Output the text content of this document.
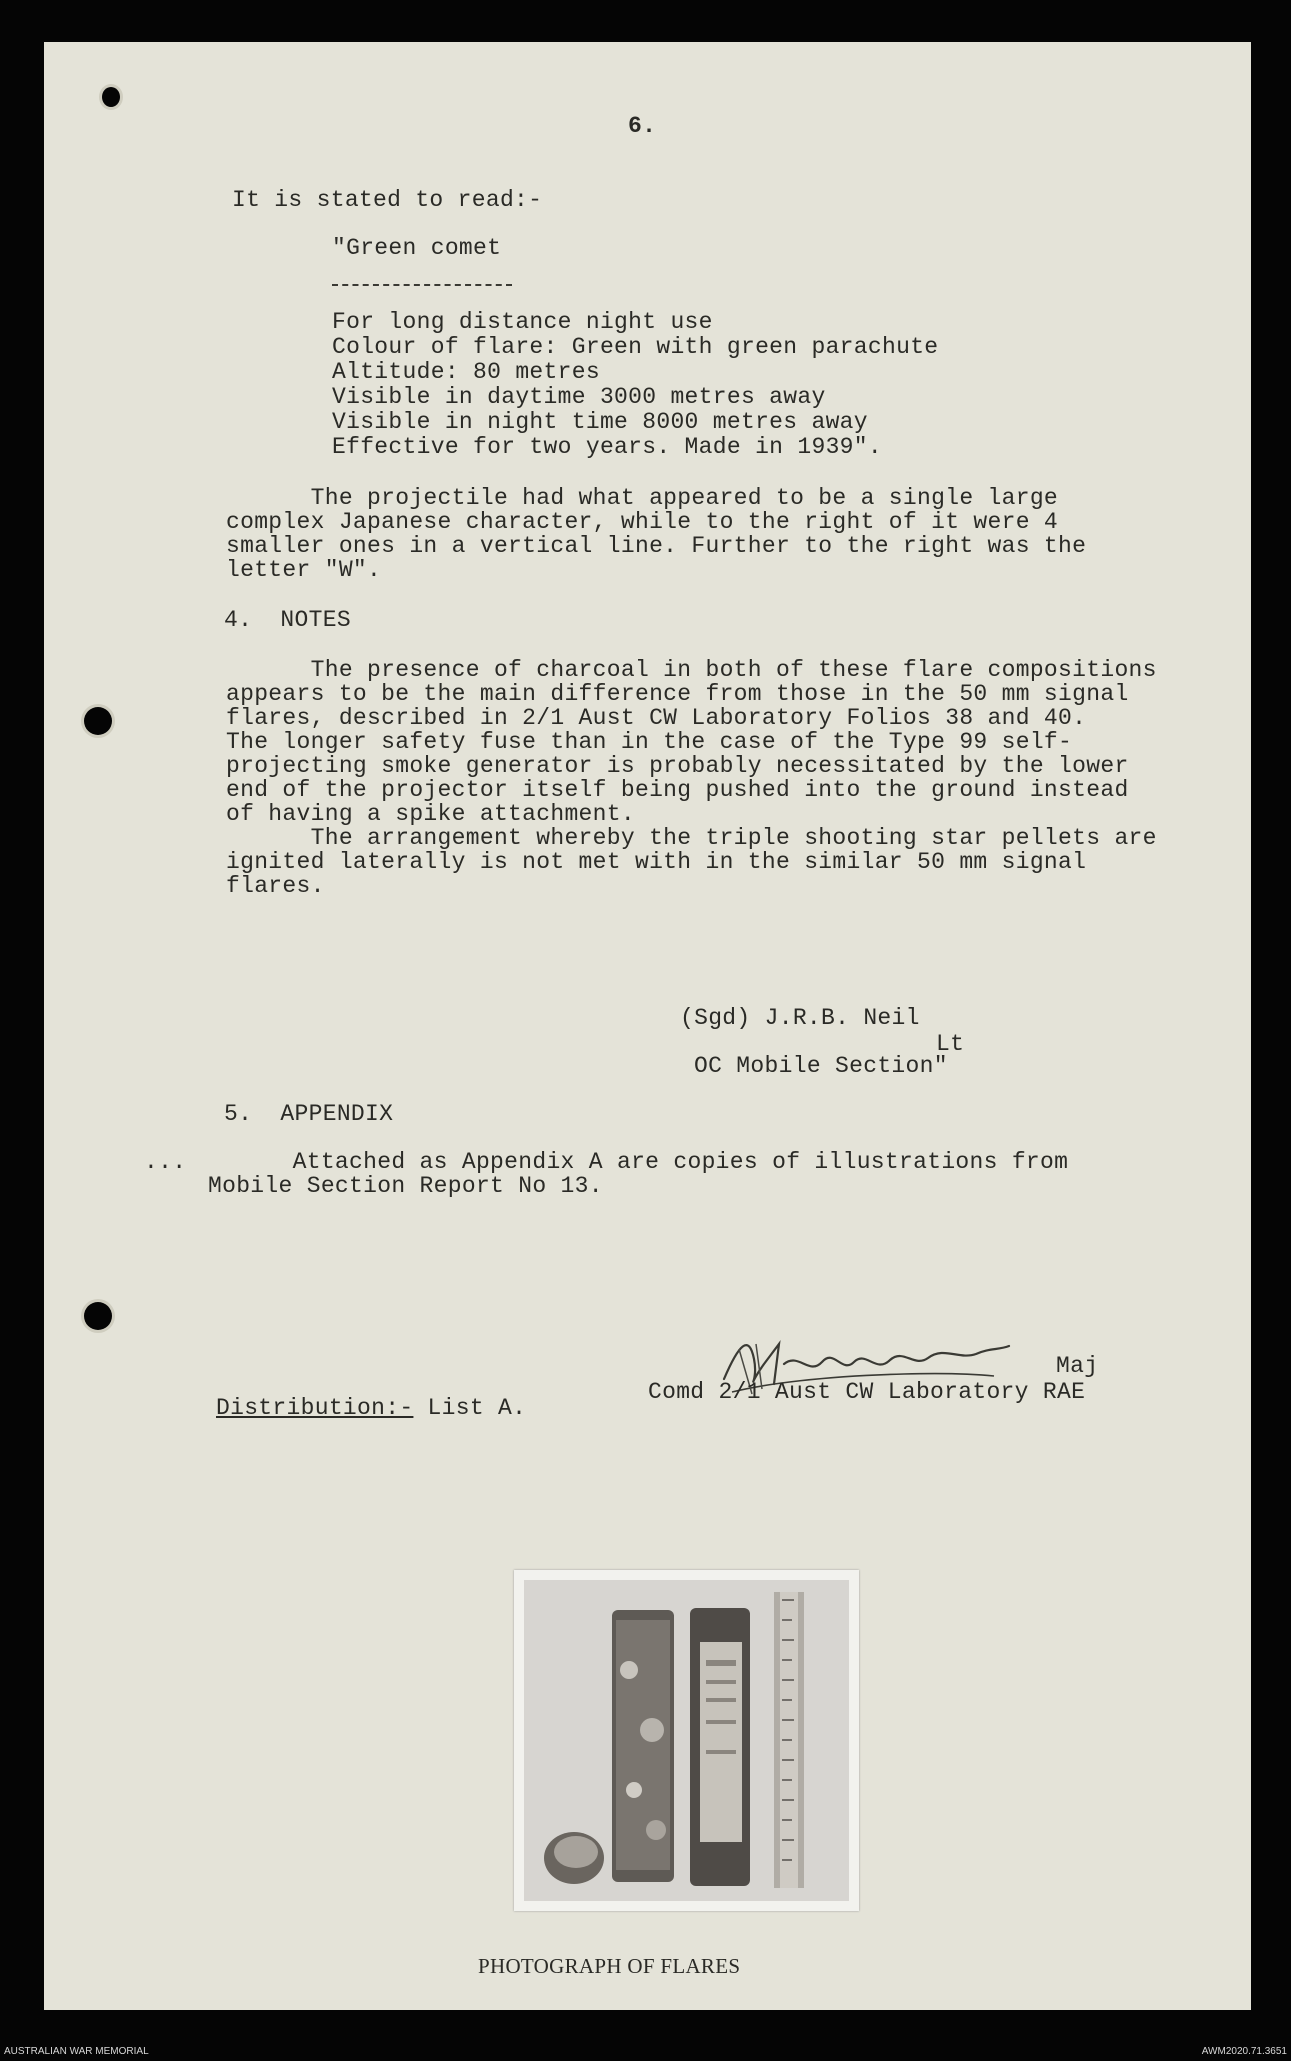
6.
It is stated to read:-
"Green comet
For long distance night use
Colour of flare: Green with green parachute
Altitude: 80 metres
Visible in daytime 3000 metres away
Visible in night time 8000 metres away
Effective for two years. Made in 1939".
The projectile had what appeared to be a single large
complex Japanese character, while to the right of it were 4
smaller ones in a vertical line. Further to the right was the
letter "W".
4.  NOTES
The presence of charcoal in both of these flare compositions
appears to be the main difference from those in the 50 mm signal
flares, described in 2/1 Aust CW Laboratory Folios 38 and 40.
The longer safety fuse than in the case of the Type 99 self-
projecting smoke generator is probably necessitated by the lower
end of the projector itself being pushed into the ground instead
of having a spike attachment.
The arrangement whereby the triple shooting star pellets are
ignited laterally is not met with in the similar 50 mm signal
flares.
(Sgd) J.R.B. Neil
Lt
OC Mobile Section"
5.  APPENDIX
... Attached as Appendix A are copies of illustrations from
Mobile Section Report No 13.
Maj
Comd 2/1 Aust CW Laboratory RAE
Distribution:- List A.
PHOTOGRAPH OF FLARES
AUSTRALIAN WAR MEMORIAL	AWM2020.71.3651
